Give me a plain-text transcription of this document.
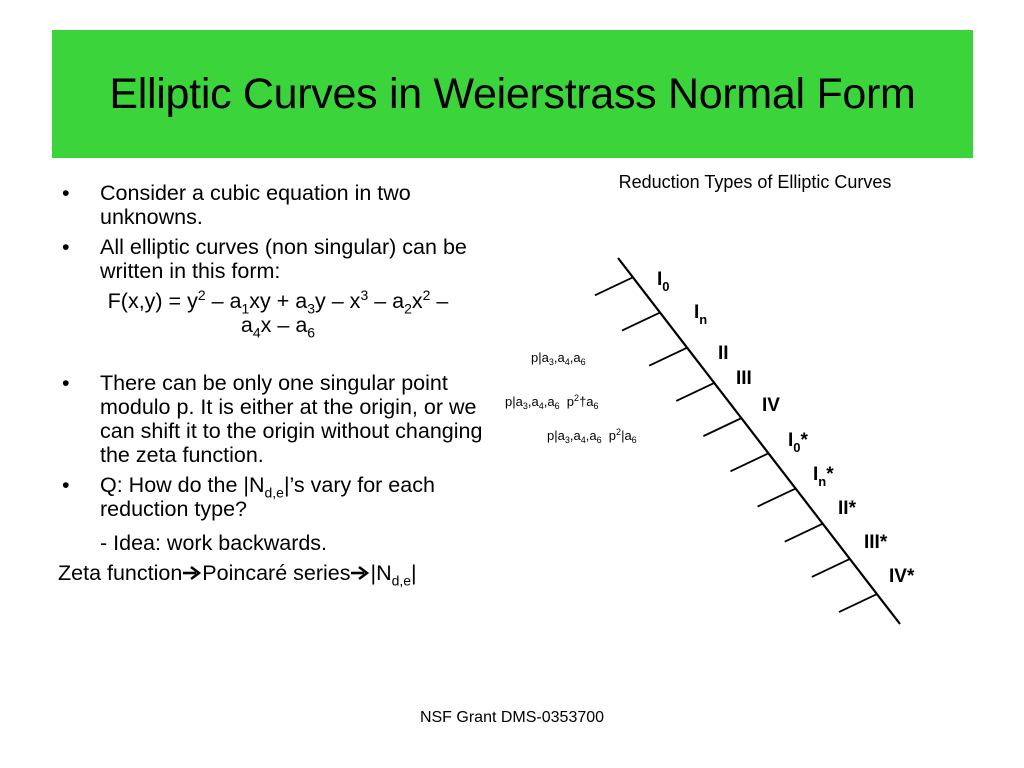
Elliptic Curves in Weierstrass Normal Form
• Consider a cubic equation in two unknowns.
• All elliptic curves (non singular) can be written in this form:
$F(x,y) = y^2 - a_1xy + a_3y - x^3 - a_2x^2$ –
$a_4x - a_6$
• There can be only one singular point modulo p. It is either at the origin, or we can shift it to the origin without changing the zeta function.
• Q: How do the $|N_{d,e}|’s$ vary for each reduction type?
- Idea: work backwards.
Zeta function Poincaré series $|N_{d,e}|$
Reduction Types of Elliptic Curves
$I_0$
$I_n$
II
III
IV
$I_0*$
$I_n*$
II*
III*
IV*
$p|a_3,a_4,a_6$
$p|a_3,a_4,a_6$  $p^2\dagger a_6$
$p|a_3,a_4,a_6$  $p^2|a_6$
NSF Grant DMS-0353700
